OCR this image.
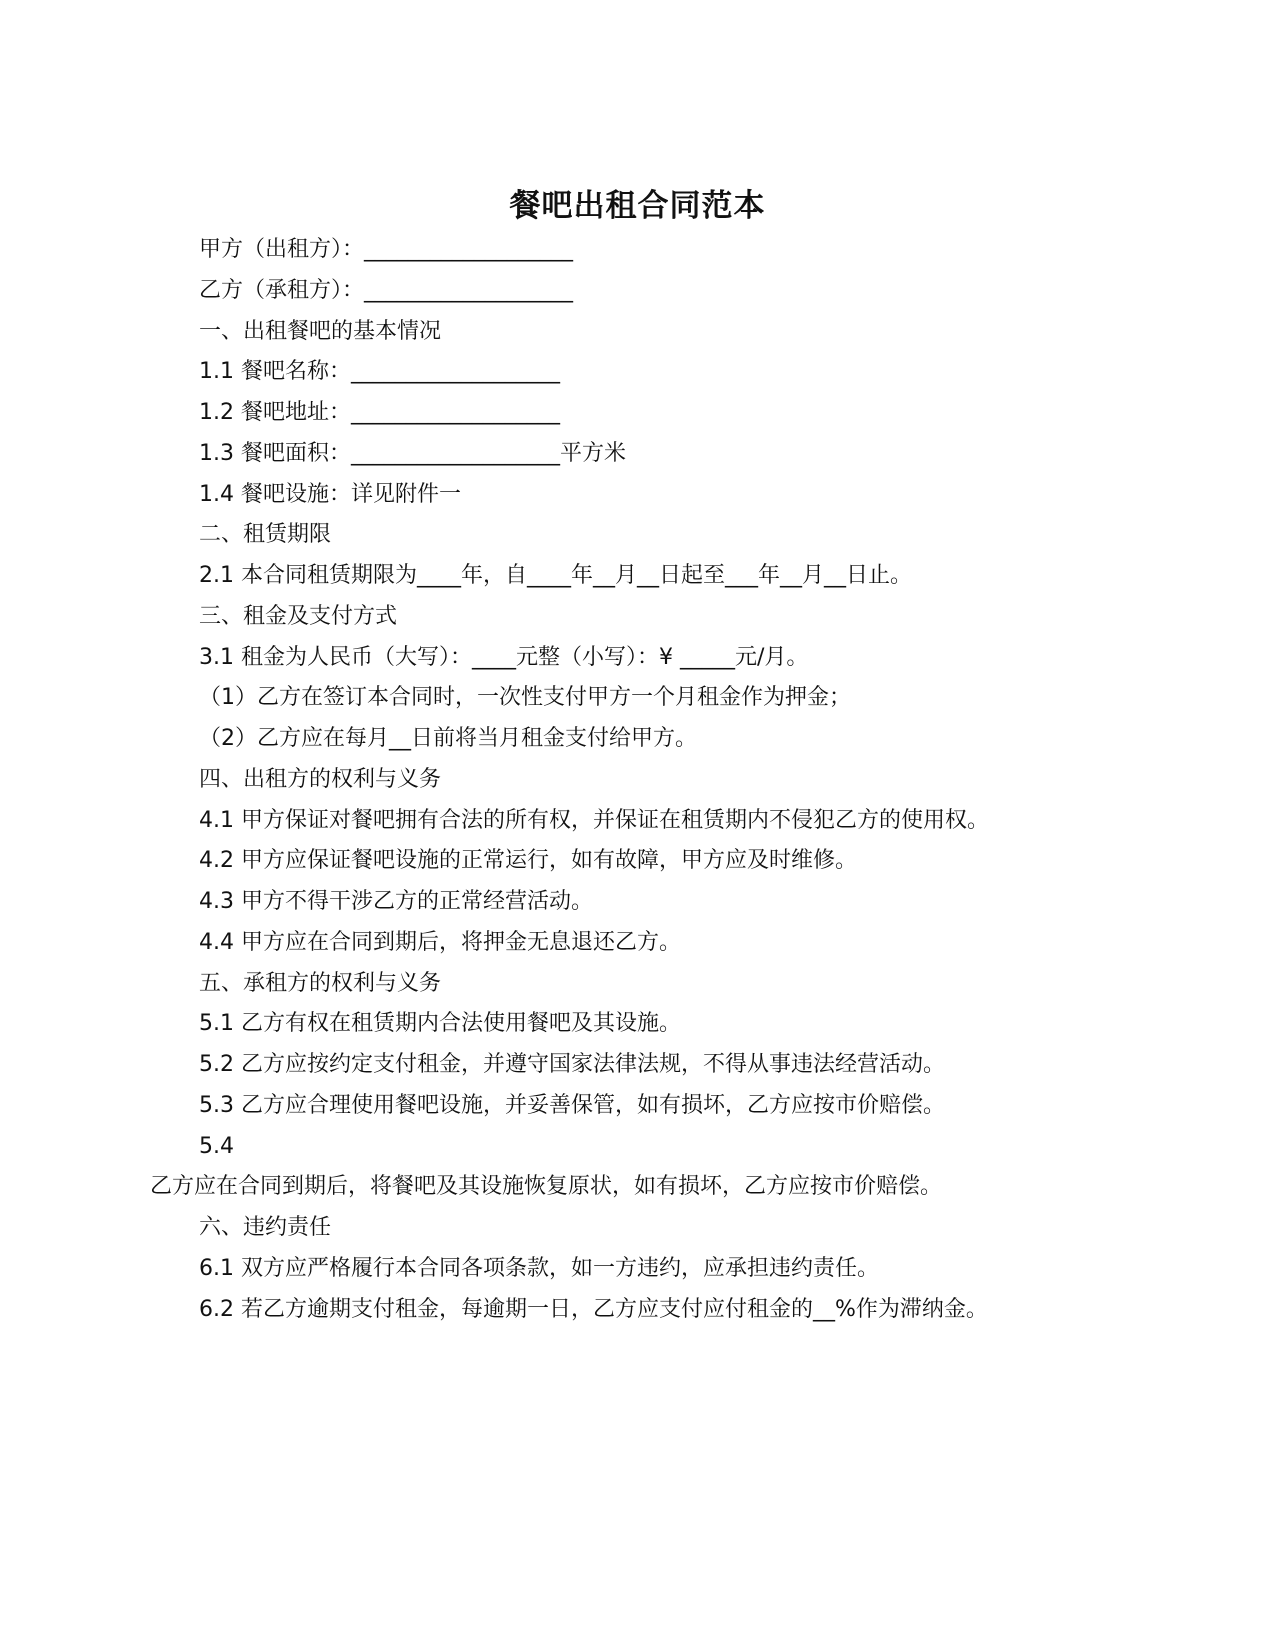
餐吧出租合同范本
甲方（出租方）：___________________
乙方（承租方）：___________________
一、出租餐吧的基本情况
1.1 餐吧名称：___________________
1.2 餐吧地址：___________________
1.3 餐吧面积：___________________平方米
1.4 餐吧设施：详见附件一
二、租赁期限
2.1 本合同租赁期限为____年，自____年__月__日起至___年__月__日止。
三、租金及支付方式
3.1 租金为人民币（大写）：____元整（小写）：¥ _____元/月。
（1）乙方在签订本合同时，一次性支付甲方一个月租金作为押金；
（2）乙方应在每月__日前将当月租金支付给甲方。
四、出租方的权利与义务
4.1 甲方保证对餐吧拥有合法的所有权，并保证在租赁期内不侵犯乙方的使用权。
4.2 甲方应保证餐吧设施的正常运行，如有故障，甲方应及时维修。
4.3 甲方不得干涉乙方的正常经营活动。
4.4 甲方应在合同到期后，将押金无息退还乙方。
五、承租方的权利与义务
5.1 乙方有权在租赁期内合法使用餐吧及其设施。
5.2 乙方应按约定支付租金，并遵守国家法律法规，不得从事违法经营活动。
5.3 乙方应合理使用餐吧设施，并妥善保管，如有损坏，乙方应按市价赔偿。
5.4
乙方应在合同到期后，将餐吧及其设施恢复原状，如有损坏，乙方应按市价赔偿。
六、违约责任
6.1 双方应严格履行本合同各项条款，如一方违约，应承担违约责任。
6.2 若乙方逾期支付租金，每逾期一日，乙方应支付应付租金的__%作为滞纳金。
